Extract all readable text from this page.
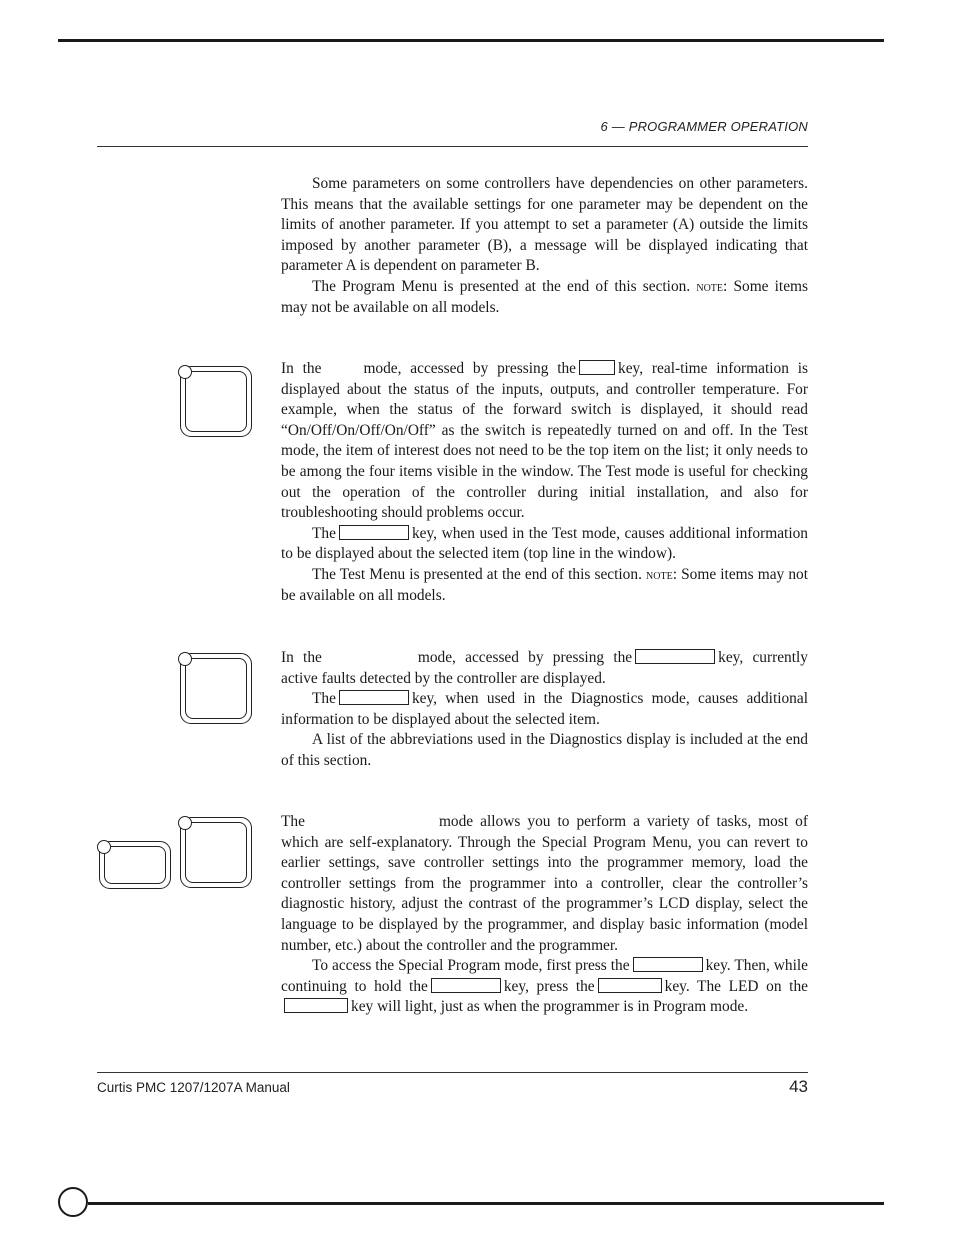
6 — PROGRAMMER OPERATION

Some parameters on some controllers have dependencies on other parameters. This means that the available settings for one parameter may be dependent on the limits of another parameter. If you attempt to set a parameter (A) outside the limits imposed by another parameter (B), a message will be displayed indicating that parameter A is dependent on parameter B.

The Program Menu is presented at the end of this section. note: Some items may not be available on all models.

In the	mode, accessed by pressing the	key, real-time information is displayed about the status of the inputs, outputs, and controller temperature. For example, when the status of the forward switch is displayed, it should read “On/Off/On/Off/On/Off” as the switch is repeatedly turned on and off. In the Test mode, the item of interest does not need to be the top item on the list; it only needs to be among the four items visible in the window. The Test mode is useful for checking out the operation of the controller during initial installation, and also for troubleshooting should problems occur.

The	key, when used in the Test mode, causes additional information to be displayed about the selected item (top line in the window).

The Test Menu is presented at the end of this section. note: Some items may not be available on all models.

In the	mode, accessed by pressing the	key, currently active faults detected by the controller are displayed.

The	key, when used in the Diagnostics mode, causes additional information to be displayed about the selected item.

A list of the abbreviations used in the Diagnostics display is included at the end of this section.

The	mode allows you to perform a variety of tasks, most of which are self-explanatory. Through the Special Program Menu, you can revert to earlier settings, save controller settings into the programmer memory, load the controller settings from the programmer into a controller, clear the controller’s diagnostic history, adjust the contrast of the programmer’s LCD display, select the language to be displayed by the programmer, and display basic information (model number, etc.) about the controller and the programmer.

To access the Special Program mode, first press the	key. Then, while continuing to hold the	key, press the	key. The LED on thekey will light, just as when the programmer is in Program mode.

Curtis PMC 1207/1207A Manual	43
